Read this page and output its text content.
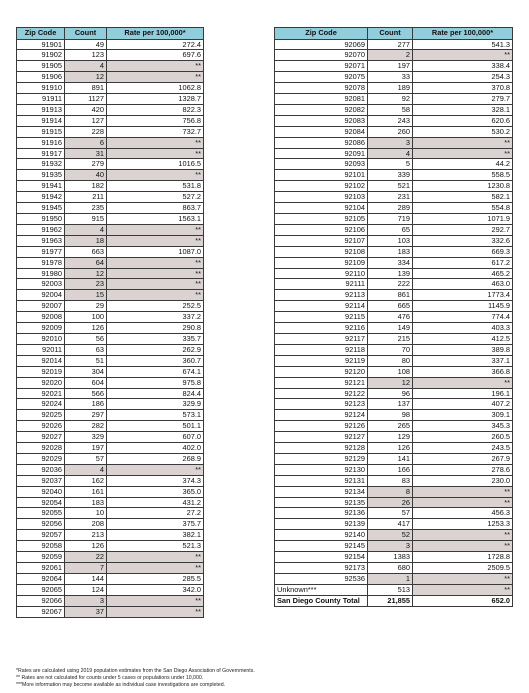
Zip Code	Count	Rate per 100,000*
91901	49	272.4
91902	123	697.6
91905	4	**
91906	12	**
91910	891	1062.8
91911	1127	1328.7
91913	420	822.3
91914	127	756.8
91915	228	732.7
91916	6	**
91917	31	**
91932	279	1016.5
91935	40	**
91941	182	531.8
91942	211	527.2
91945	235	863.7
91950	915	1563.1
91962	4	**
91963	18	**
91977	663	1087.0
91978	64	**
91980	12	**
92003	23	**
92004	15	**
92007	29	252.5
92008	100	337.2
92009	126	290.8
92010	56	335.7
92011	63	262.9
92014	51	360.7
92019	304	674.1
92020	604	975.8
92021	566	824.4
92024	186	329.9
92025	297	573.1
92026	282	501.1
92027	329	607.0
92028	197	402.0
92029	57	268.9
92036	4	**
92037	162	374.3
92040	161	365.0
92054	183	431.2
92055	10	27.2
92056	208	375.7
92057	213	382.1
92058	126	521.3
92059	22	**
92061	7	**
92064	144	285.5
92065	124	342.0
92066	3	**
92067	37	**
Zip Code	Count	Rate per 100,000*
92069	277	541.3
92070	2	**
92071	197	338.4
92075	33	254.3
92078	189	370.8
92081	92	279.7
92082	58	328.1
92083	243	620.6
92084	260	530.2
92086	3	**
92091	4	**
92093	5	44.2
92101	339	558.5
92102	521	1230.8
92103	231	582.1
92104	289	554.8
92105	719	1071.9
92106	65	292.7
92107	103	332.6
92108	183	669.3
92109	334	617.2
92110	139	465.2
92111	222	463.0
92113	861	1773.4
92114	665	1145.9
92115	476	774.4
92116	149	403.3
92117	215	412.5
92118	70	389.8
92119	80	337.1
92120	108	366.8
92121	12	**
92122	96	196.1
92123	137	407.2
92124	98	309.1
92126	265	345.3
92127	129	260.5
92128	126	243.5
92129	141	267.9
92130	166	278.6
92131	83	230.0
92134	8	**
92135	26	**
92136	57	456.3
92139	417	1253.3
92140	52	**
92145	3	**
92154	1383	1728.8
92173	680	2509.5
92536	1	**
Unknown***	513	**
San Diego County Total	21,855	652.0
*Rates are calculated using 2019 population estimates from the San Diego Association of Governments.
** Rates are not calculated for counts under 5 cases or populations under 10,000.
***More information may become available as individual case investigations are completed.
